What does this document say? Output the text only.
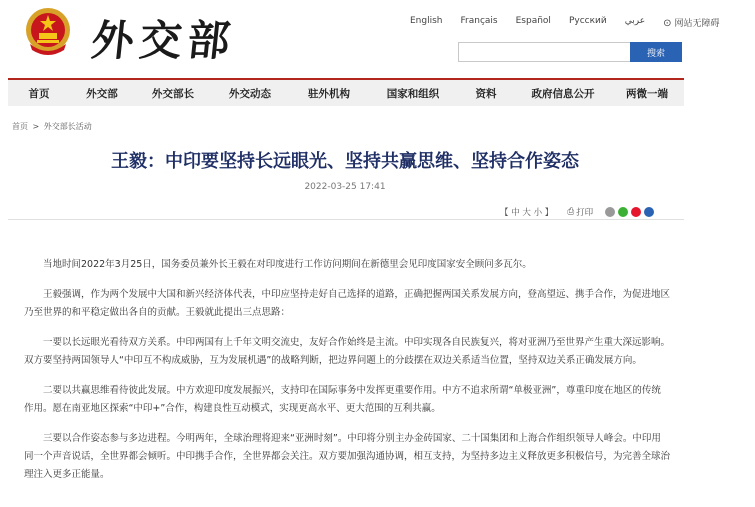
外交部	English Français Español Русский عربي ⊙ 网站无障碍
搜索
首页	外交部	外交部长	外交动态	驻外机构	国家和组织	资料	政府信息公开	两微一端
首页 > 外交部长活动
王毅：中印要坚持长远眼光、坚持共赢思维、坚持合作姿态
2022-03-25 17:41
【 中 大 小 】 ⎙ 打印

当地时间2022年3月25日，国务委员兼外长王毅在对印度进行工作访问期间在新德里会见印度国家安全顾问多瓦尔。

王毅强调，作为两个发展中大国和新兴经济体代表，中印应坚持走好自己选择的道路，正确把握两国关系发展方向，登高望远、携手合作，为促进地区乃至世界的和平稳定做出各自的贡献。王毅就此提出三点思路：

一要以长远眼光看待双方关系。中印两国有上千年文明交流史，友好合作始终是主流。中印实现各自民族复兴，将对亚洲乃至世界产生重大深远影响。双方要坚持两国领导人“中印互不构成威胁，互为发展机遇”的战略判断，把边界问题上的分歧摆在双边关系适当位置，坚持双边关系正确发展方向。

二要以共赢思维看待彼此发展。中方欢迎印度发展振兴，支持印在国际事务中发挥更重要作用。中方不追求所谓“单极亚洲”，尊重印度在地区的传统作用。愿在南亚地区探索“中印+”合作，构建良性互动模式，实现更高水平、更大范围的互利共赢。

三要以合作姿态参与多边进程。今明两年，全球治理将迎来“亚洲时刻”。中印将分别主办金砖国家、二十国集团和上海合作组织领导人峰会。中印用同一个声音说话，全世界都会倾听。中印携手合作，全世界都会关注。双方要加强沟通协调，相互支持，为坚持多边主义释放更多积极信号，为完善全球治理注入更多正能量。
